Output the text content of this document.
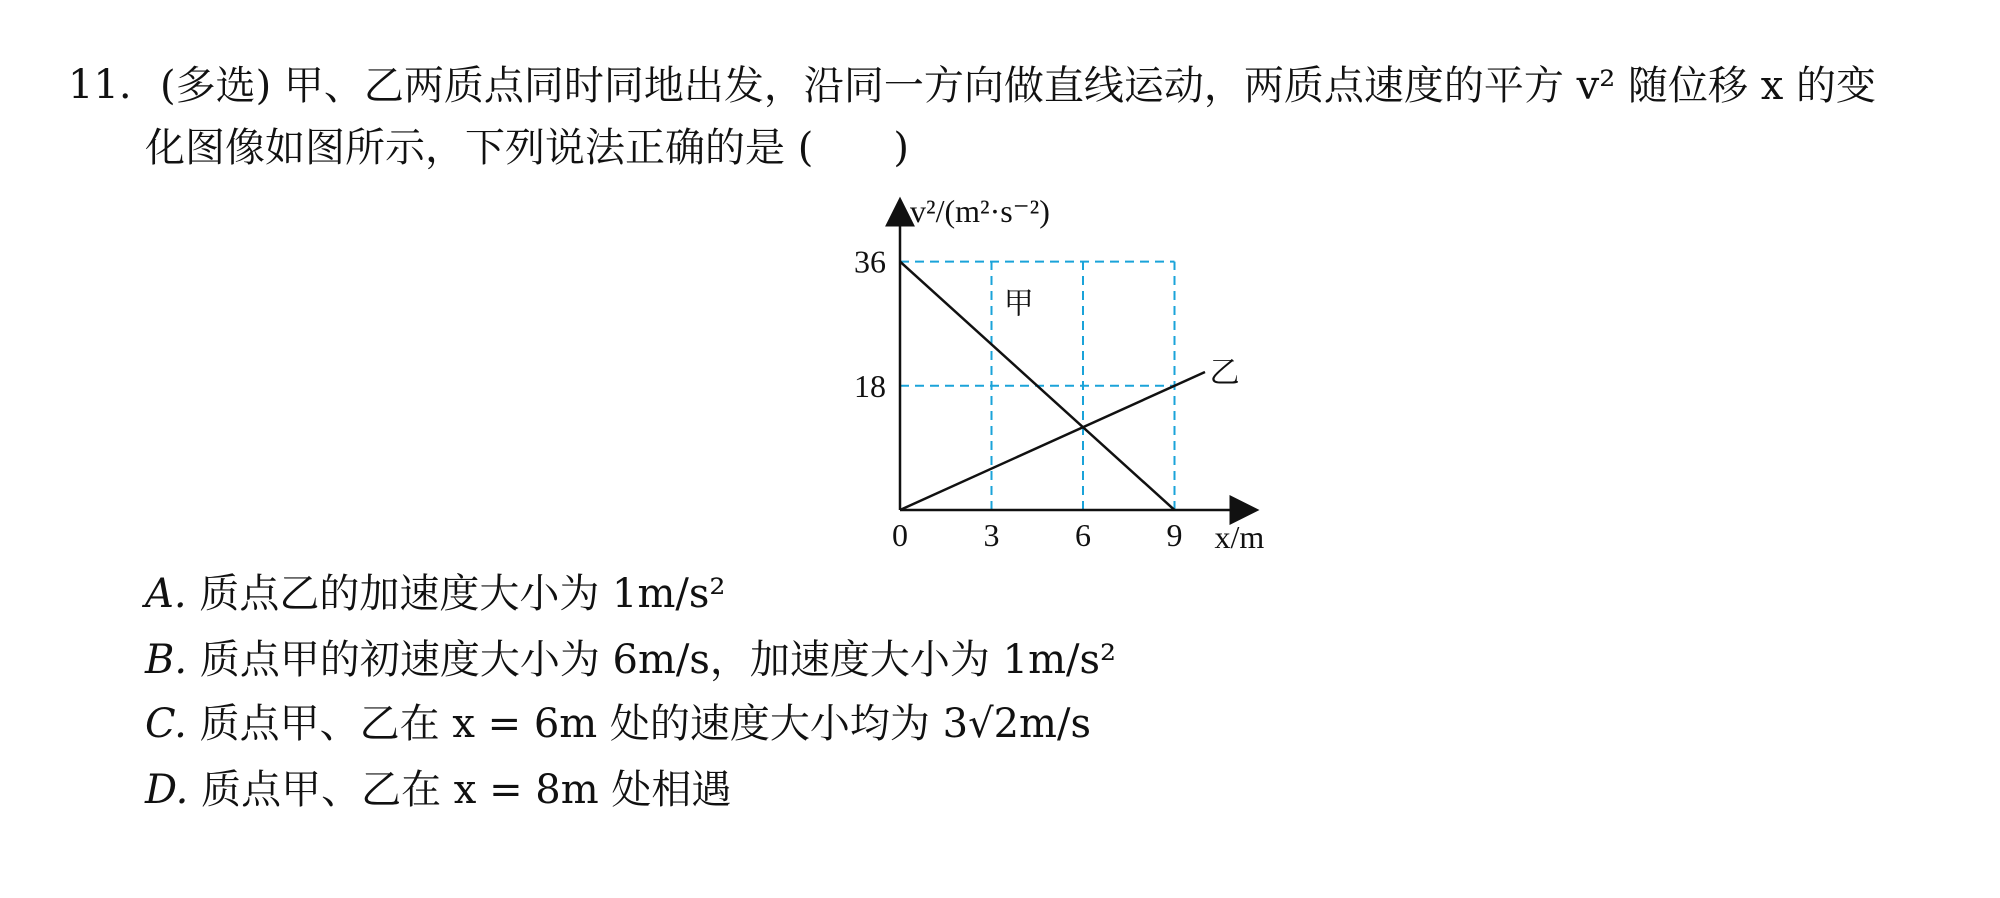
11. (多选) 甲、乙两质点同时同地出发，沿同一方向做直线运动，两质点速度的平方 v² 随位移 x 的变
化图像如图所示，下列说法正确的是 ( )
甲
乙
0 3 6 9
36
18
v²/(m²·s⁻²)
x/m
A. 质点乙的加速度大小为 1m/s²
B. 质点甲的初速度大小为 6m/s，加速度大小为 1m/s²
C. 质点甲、乙在 x = 6m 处的速度大小均为 3√2m/s
D. 质点甲、乙在 x = 8m 处相遇
